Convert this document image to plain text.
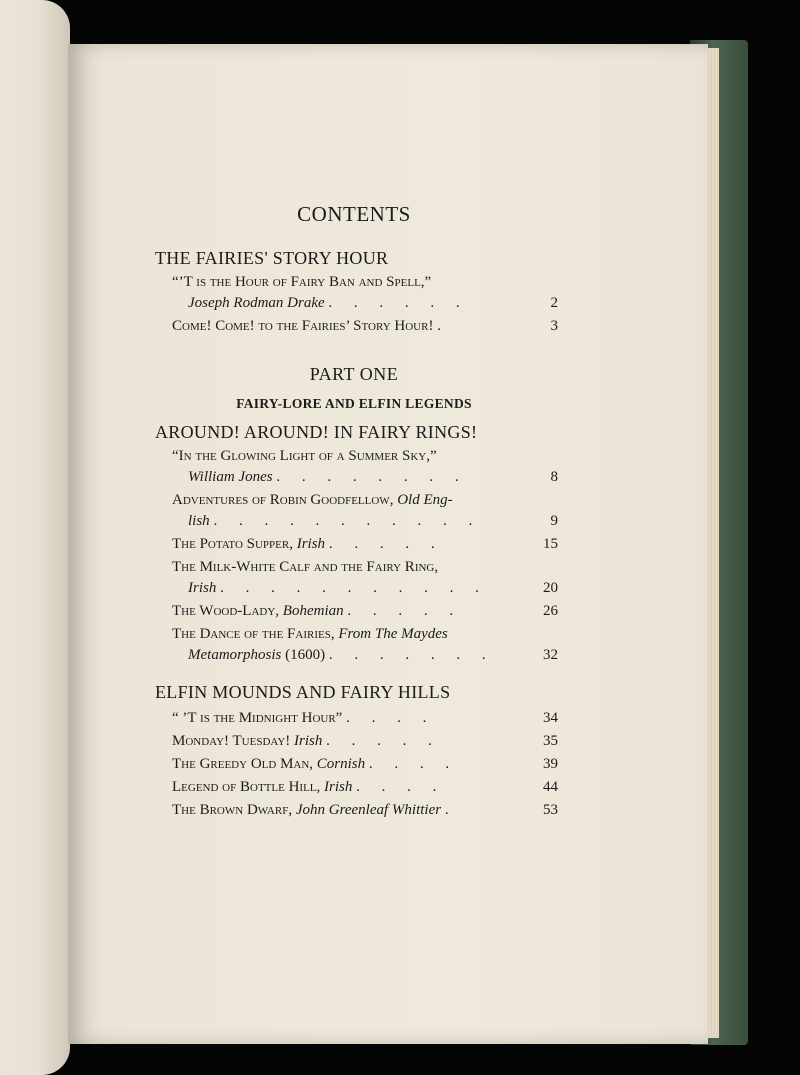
CONTENTS
THE FAIRIES' STORY HOUR
“’T is the Hour of Fairy Ban and Spell,”
Joseph Rodman Drake . . . . . .	2
Come! Come! to the Fairies’ Story Hour! .	3
PART ONE
FAIRY-LORE AND ELFIN LEGENDS
AROUND! AROUND! IN FAIRY RINGS!
“In the Glowing Light of a Summer Sky,”
William Jones . . . . . . . .	8
Adventures of Robin Goodfellow, Old Eng-
lish . . . . . . . . . . .	9
The Potato Supper, Irish . . . . .	15
The Milk-White Calf and the Fairy Ring,
Irish . . . . . . . . . . .	20
The Wood-Lady, Bohemian . . . . .	26
The Dance of the Fairies, From The Maydes
Metamorphosis (1600) . . . . . . .	32
ELFIN MOUNDS AND FAIRY HILLS
“ ’T is the Midnight Hour” . . . .	34
Monday! Tuesday! Irish . . . . .	35
The Greedy Old Man, Cornish . . . .	39
Legend of Bottle Hill, Irish . . . .	44
The Brown Dwarf, John Greenleaf Whittier .	53
